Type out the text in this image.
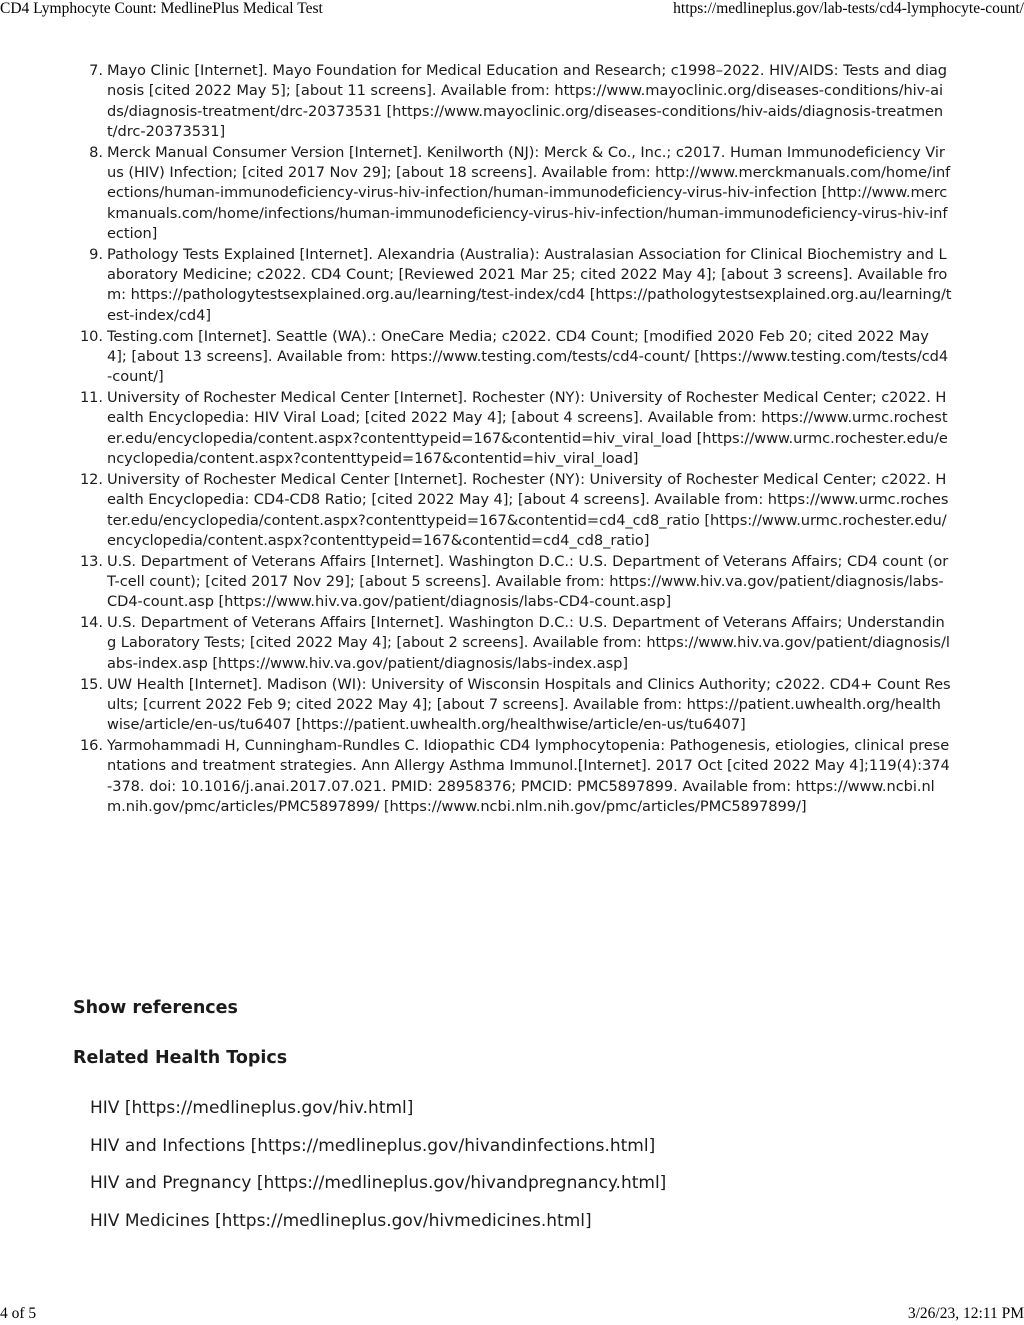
CD4 Lymphocyte Count: MedlinePlus Medical Test	https://medlineplus.gov/lab-tests/cd4-lymphocyte-count/
7. Mayo Clinic [Internet]. Mayo Foundation for Medical Education and Research; c1998–2022. HIV/AIDS: Tests and diagnosis [cited 2022 May 5]; [about 11 screens]. Available from: https://www.mayoclinic.org/diseases-conditions/hiv-aids/diagnosis-treatment/drc-20373531 [https://www.mayoclinic.org/diseases-conditions/hiv-aids/diagnosis-treatment/drc-20373531]
8. Merck Manual Consumer Version [Internet]. Kenilworth (NJ): Merck & Co., Inc.; c2017. Human Immunodeficiency Virus (HIV) Infection; [cited 2017 Nov 29]; [about 18 screens]. Available from: http://www.merckmanuals.com/home/infections/human-immunodeficiency-virus-hiv-infection/human-immunodeficiency-virus-hiv-infection [http://www.merckmanuals.com/home/infections/human-immunodeficiency-virus-hiv-infection/human-immunodeficiency-virus-hiv-infection]
9. Pathology Tests Explained [Internet]. Alexandria (Australia): Australasian Association for Clinical Biochemistry and Laboratory Medicine; c2022. CD4 Count; [Reviewed 2021 Mar 25; cited 2022 May 4]; [about 3 screens]. Available from: https://pathologytestsexplained.org.au/learning/test-index/cd4 [https://pathologytestsexplained.org.au/learning/test-index/cd4]
10. Testing.com [Internet]. Seattle (WA).: OneCare Media; c2022. CD4 Count; [modified 2020 Feb 20; cited 2022 May 4]; [about 13 screens]. Available from: https://www.testing.com/tests/cd4-count/ [https://www.testing.com/tests/cd4-count/]
11. University of Rochester Medical Center [Internet]. Rochester (NY): University of Rochester Medical Center; c2022. Health Encyclopedia: HIV Viral Load; [cited 2022 May 4]; [about 4 screens]. Available from: https://www.urmc.rochester.edu/encyclopedia/content.aspx?contenttypeid=167&contentid=hiv_viral_load [https://www.urmc.rochester.edu/encyclopedia/content.aspx?contenttypeid=167&contentid=hiv_viral_load]
12. University of Rochester Medical Center [Internet]. Rochester (NY): University of Rochester Medical Center; c2022. Health Encyclopedia: CD4-CD8 Ratio; [cited 2022 May 4]; [about 4 screens]. Available from: https://www.urmc.rochester.edu/encyclopedia/content.aspx?contenttypeid=167&contentid=cd4_cd8_ratio [https://www.urmc.rochester.edu/encyclopedia/content.aspx?contenttypeid=167&contentid=cd4_cd8_ratio]
13. U.S. Department of Veterans Affairs [Internet]. Washington D.C.: U.S. Department of Veterans Affairs; CD4 count (or T-cell count); [cited 2017 Nov 29]; [about 5 screens]. Available from: https://www.hiv.va.gov/patient/diagnosis/labs-CD4-count.asp [https://www.hiv.va.gov/patient/diagnosis/labs-CD4-count.asp]
14. U.S. Department of Veterans Affairs [Internet]. Washington D.C.: U.S. Department of Veterans Affairs; Understanding Laboratory Tests; [cited 2022 May 4]; [about 2 screens]. Available from: https://www.hiv.va.gov/patient/diagnosis/labs-index.asp [https://www.hiv.va.gov/patient/diagnosis/labs-index.asp]
15. UW Health [Internet]. Madison (WI): University of Wisconsin Hospitals and Clinics Authority; c2022. CD4+ Count Results; [current 2022 Feb 9; cited 2022 May 4]; [about 7 screens]. Available from: https://patient.uwhealth.org/healthwise/article/en-us/tu6407 [https://patient.uwhealth.org/healthwise/article/en-us/tu6407]
16. Yarmohammadi H, Cunningham-Rundles C. Idiopathic CD4 lymphocytopenia: Pathogenesis, etiologies, clinical presentations and treatment strategies. Ann Allergy Asthma Immunol.[Internet]. 2017 Oct [cited 2022 May 4];119(4):374-378. doi: 10.1016/j.anai.2017.07.021. PMID: 28958376; PMCID: PMC5897899. Available from: https://www.ncbi.nlm.nih.gov/pmc/articles/PMC5897899/ [https://www.ncbi.nlm.nih.gov/pmc/articles/PMC5897899/]
Show references
Related Health Topics
HIV [https://medlineplus.gov/hiv.html]
HIV and Infections [https://medlineplus.gov/hivandinfections.html]
HIV and Pregnancy [https://medlineplus.gov/hivandpregnancy.html]
HIV Medicines [https://medlineplus.gov/hivmedicines.html]
4 of 5	3/26/23, 12:11 PM
